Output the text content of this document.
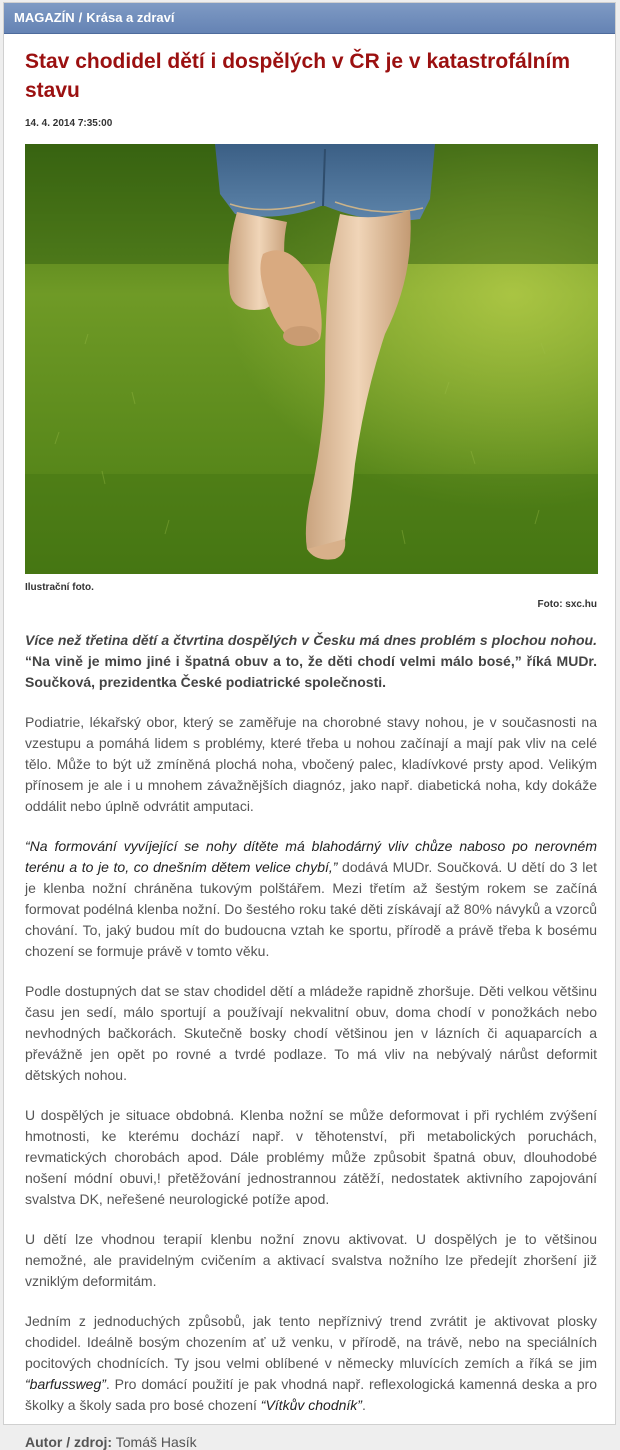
MAGAZÍN / Krása a zdraví
Stav chodidel dětí i dospělých v ČR je v katastrofálním stavu
14. 4. 2014 7:35:00
Ilustrační foto.
Foto: sxc.hu
Více než třetina dětí a čtvrtina dospělých v Česku má dnes problém s plochou nohou. “Na vině je mimo jiné i špatná obuv a to, že děti chodí velmi málo bosé,” říká MUDr. Součková, prezidentka České podiatrické společnosti.

Podiatrie, lékařský obor, který se zaměřuje na chorobné stavy nohou, je v současnosti na vzestupu a pomáhá lidem s problémy, které třeba u nohou začínají a mají pak vliv na celé tělo. Může to být už zmíněná plochá noha, vbočený palec, kladívkové prsty apod. Velikým přínosem je ale i u mnohem závažnějších diagnóz, jako např. diabetická noha, kdy dokáže oddálit nebo úplně odvrátit amputaci.

“Na formování vyvíjející se nohy dítěte má blahodárný vliv chůze naboso po nerovném terénu a to je to, co dnešním dětem velice chybí,” dodává MUDr. Součková. U dětí do 3 let je klenba nožní chráněna tukovým polštářem. Mezi třetím až šestým rokem se začíná formovat podélná klenba nožní. Do šestého roku také děti získávají až 80% návyků a vzorců chování. To, jaký budou mít do budoucna vztah ke sportu, přírodě a právě třeba k bosému chození se formuje právě v tomto věku.

Podle dostupných dat se stav chodidel dětí a mládeže rapidně zhoršuje. Děti velkou většinu času jen sedí, málo sportují a používají nekvalitní obuv, doma chodí v ponožkách nebo nevhodných bačkorách. Skutečně bosky chodí většinou jen v lázních či aquaparcích a převážně jen opět po rovné a tvrdé podlaze. To má vliv na nebývalý nárůst deformit dětských nohou.

U dospělých je situace obdobná. Klenba nožní se může deformovat i při rychlém zvýšení hmotnosti, ke kterému dochází např. v těhotenství, při metabolických poruchách, revmatických chorobách apod. Dále problémy může způsobit špatná obuv, dlouhodobé nošení módní obuvi,! přetěžování jednostrannou zátěží, nedostatek aktivního zapojování svalstva DK, neřešené neurologické potíže apod.

U dětí lze vhodnou terapií klenbu nožní znovu aktivovat. U dospělých je to většinou nemožné, ale pravidelným cvičením a aktivací svalstva nožního lze předejít zhoršení již vzniklým deformitám.

Jedním z jednoduchých způsobů, jak tento nepříznivý trend zvrátit je aktivovat plosky chodidel. Ideálně bosým chozením ať už venku, v přírodě, na trávě, nebo na speciálních pocitových chodnících. Ty jsou velmi oblíbené v německy mluvících zemích a říká se jim “barfussweg”. Pro domácí použití je pak vhodná např. reflexologická kamenná deska a pro školky a školy sada pro bosé chození “Vítkův chodník”.

Autor / zdroj: Tomáš Hasík
